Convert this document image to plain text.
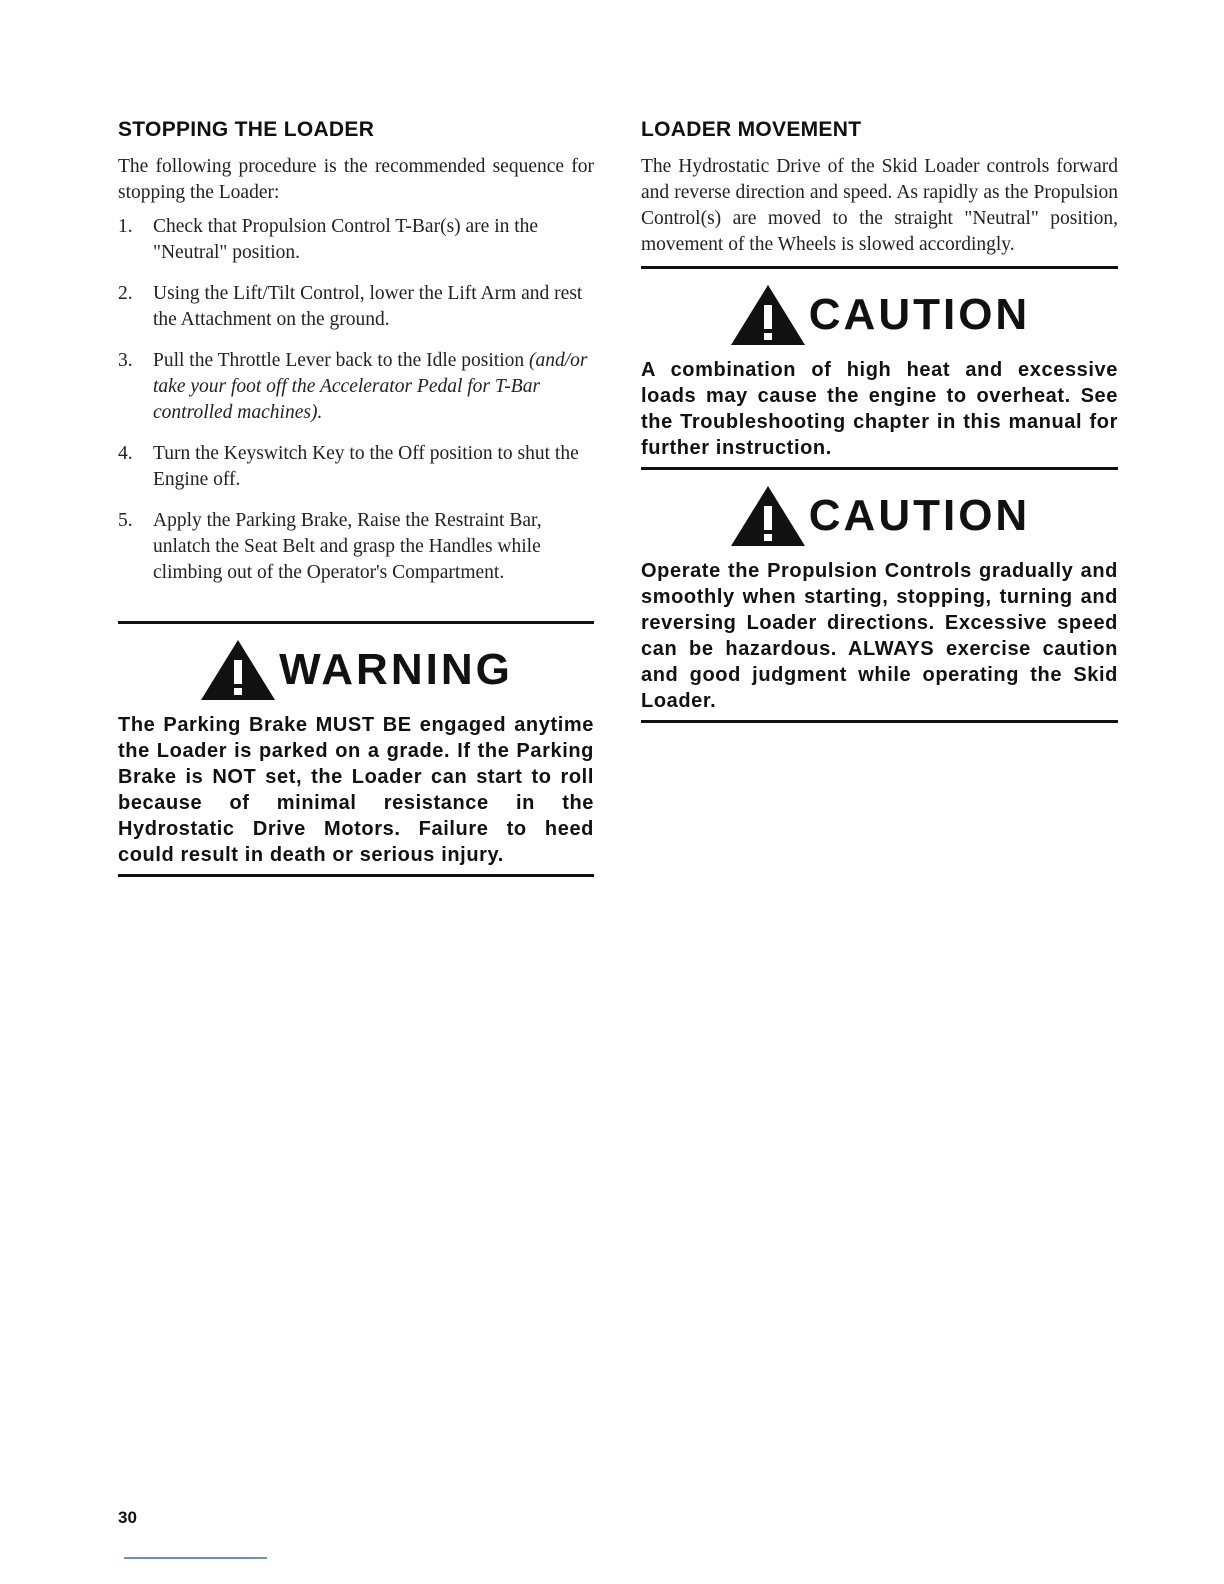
STOPPING THE LOADER

The following procedure is the recommended sequence for stopping the Loader:

1. Check that Propulsion Control T-Bar(s) are in the "Neutral" position.
2. Using the Lift/Tilt Control, lower the Lift Arm and rest the Attachment on the ground.
3. Pull the Throttle Lever back to the Idle position (and/or take your foot off the Accelerator Pedal for T-Bar controlled machines).
4. Turn the Keyswitch Key to the Off position to shut the Engine off.
5. Apply the Parking Brake, Raise the Restraint Bar, unlatch the Seat Belt and grasp the Handles while climbing out of the Operator's Compartment.
WARNING

The Parking Brake MUST BE engaged anytime the Loader is parked on a grade. If the Parking Brake is NOT set, the Loader can start to roll because of minimal resistance in the Hydrostatic Drive Motors. Failure to heed could result in death or serious injury.

LOADER MOVEMENT

The Hydrostatic Drive of the Skid Loader controls forward and reverse direction and speed. As rapidly as the Propulsion Control(s) are moved to the straight "Neutral" position, movement of the Wheels is slowed accordingly.

CAUTION

A combination of high heat and excessive loads may cause the engine to overheat. See the Troubleshooting chapter in this manual for further instruction.

CAUTION

Operate the Propulsion Controls gradually and smoothly when starting, stopping, turning and reversing Loader directions. Excessive speed can be hazardous. ALWAYS exercise caution and good judgment while operating the Skid Loader.

30
